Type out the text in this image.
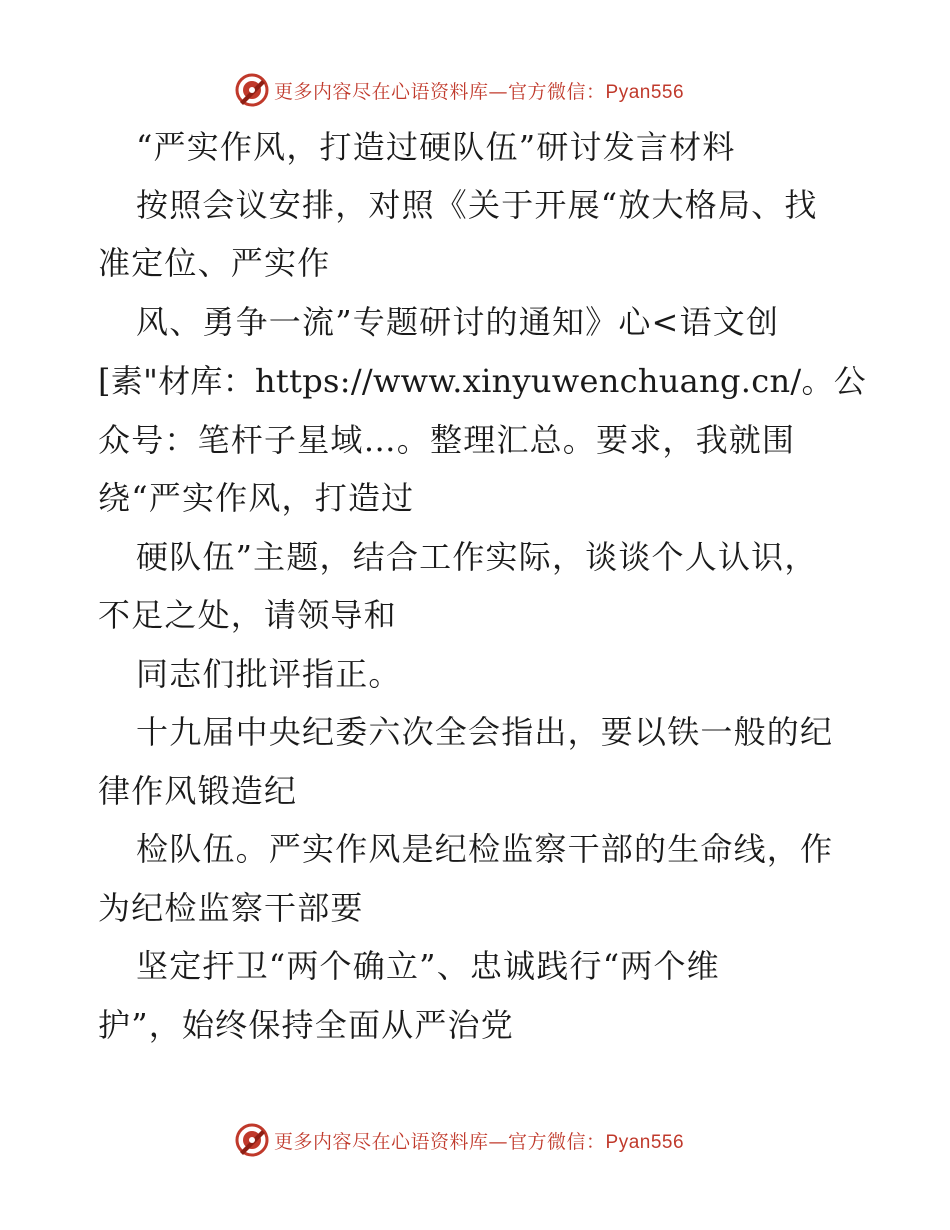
更多内容尽在心语资料库—官方微信：Pyan556
“严实作风，打造过硬队伍”研讨发言材料
按照会议安排，对照《关于开展“放大格局、找
准定位、严实作
风、勇争一流”专题研讨的通知》心<语文创
[素"材库：https://www.xinyuwenchuang.cn/。公
众号：笔杆子星域…。整理汇总。要求，我就围
绕“严实作风，打造过
硬队伍”主题，结合工作实际，谈谈个人认识，
不足之处，请领导和
同志们批评指正。
十九届中央纪委六次全会指出，要以铁一般的纪
律作风锻造纪
检队伍。严实作风是纪检监察干部的生命线，作
为纪检监察干部要
坚定扞卫“两个确立”、忠诚践行“两个维
护”，始终保持全面从严治党
更多内容尽在心语资料库—官方微信：Pyan556
